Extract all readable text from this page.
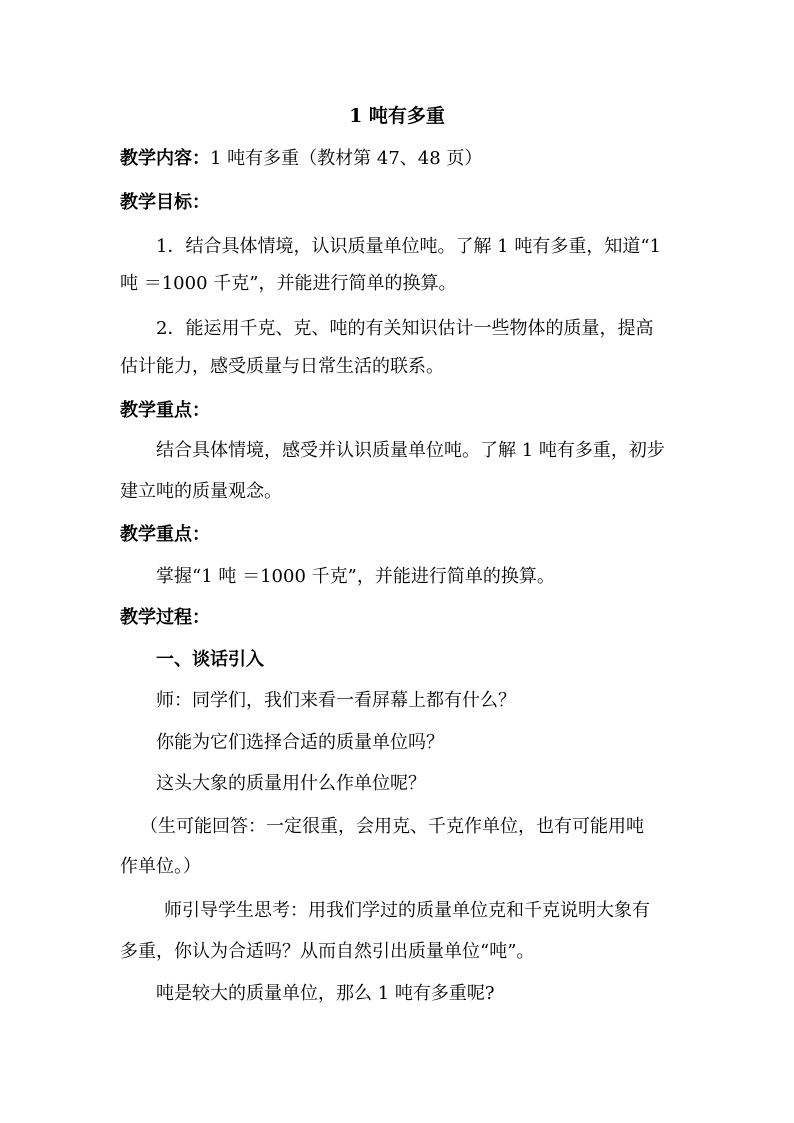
1 吨有多重
教学内容：1 吨有多重（教材第 47、48 页）
教学目标：
1．结合具体情境，认识质量单位吨。了解 1 吨有多重，知道“1
吨 ＝1000 千克”，并能进行简单的换算。
2．能运用千克、克、吨的有关知识估计一些物体的质量，提高
估计能力，感受质量与日常生活的联系。
教学重点：
结合具体情境，感受并认识质量单位吨。了解 1 吨有多重，初步
建立吨的质量观念。
教学重点：
掌握“1 吨 ＝1000 千克”，并能进行简单的换算。
教学过程：
一、谈话引入
师：同学们，我们来看一看屏幕上都有什么？
你能为它们选择合适的质量单位吗？
这头大象的质量用什么作单位呢？
（生可能回答：一定很重，会用克、千克作单位，也有可能用吨
作单位。）
师引导学生思考：用我们学过的质量单位克和千克说明大象有
多重，你认为合适吗？从而自然引出质量单位“吨”。
吨是较大的质量单位，那么 1 吨有多重呢?
